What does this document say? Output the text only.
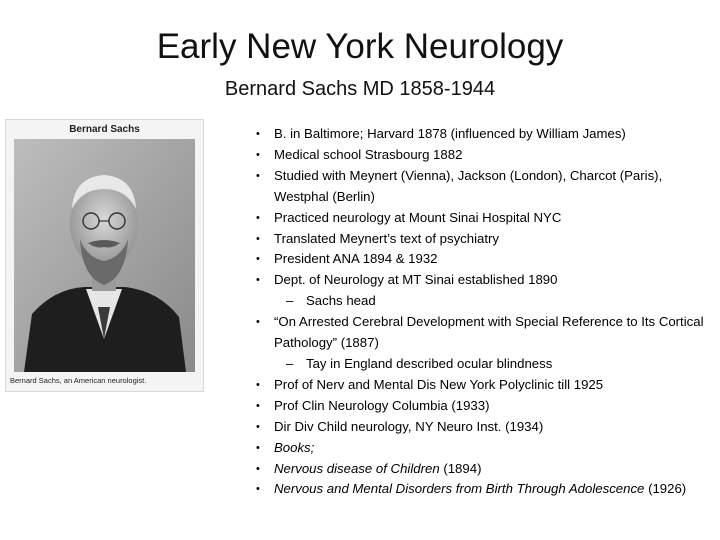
Early New York Neurology
Bernard Sachs MD 1858-1944
Bernard Sachs
Bernard Sachs, an American neurologist.
• B. in Baltimore; Harvard 1878 (influenced by William James)
• Medical school Strasbourg 1882
• Studied with Meynert (Vienna), Jackson (London), Charcot (Paris), Westphal (Berlin)
• Practiced neurology at Mount Sinai Hospital NYC
• Translated Meynert’s text of psychiatry
• President ANA 1894 & 1932
• Dept. of Neurology at MT Sinai established 1890
– Sachs head
• “On Arrested Cerebral Development with Special Reference to Its Cortical Pathology” (1887)
– Tay in England described ocular blindness
• Prof of Nerv and Mental Dis New York Polyclinic till 1925
• Prof Clin Neurology Columbia (1933)
• Dir Div Child neurology, NY Neuro Inst. (1934)
• Books;
• Nervous disease of Children (1894)
• Nervous and Mental Disorders from Birth Through Adolescence (1926)
